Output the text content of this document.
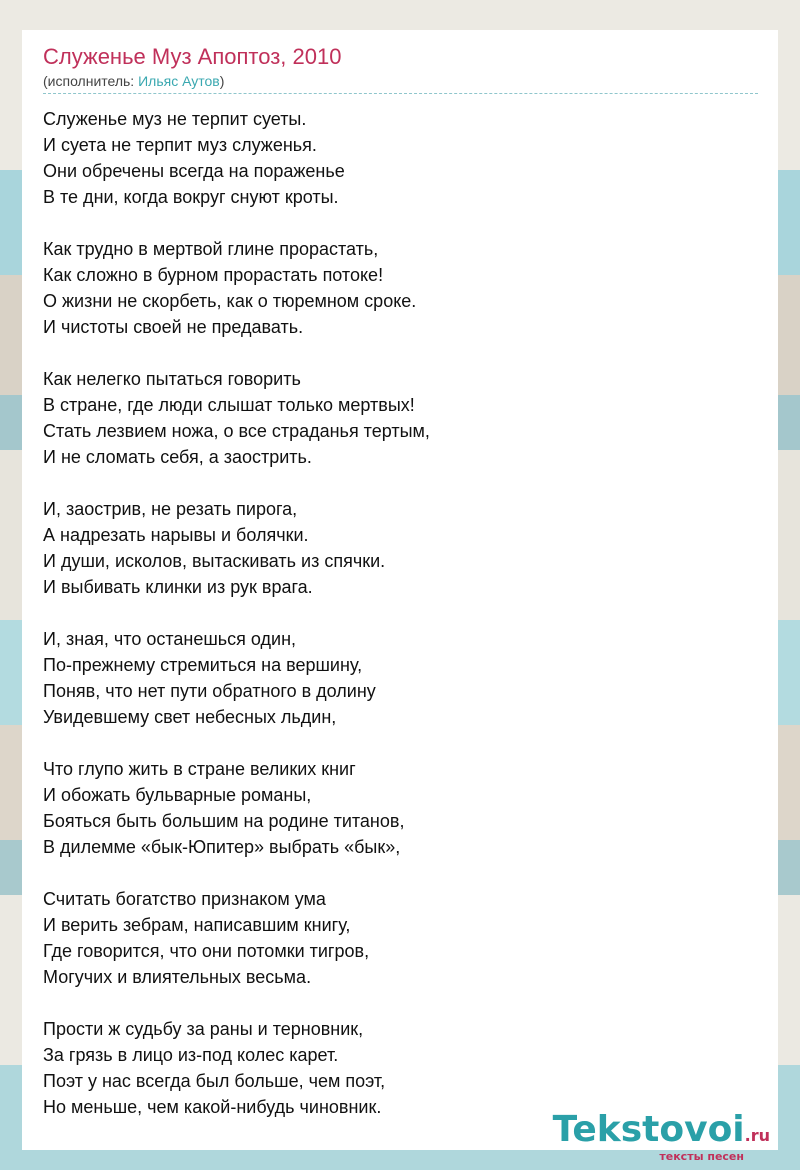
Служенье Муз Апоптоз, 2010
(исполнитель: Ильяс Аутов)
Служенье муз не терпит суеты.
И суета не терпит муз служенья.
Они обречены всегда на пораженье
В те дни, когда вокруг снуют кроты.
Как трудно в мертвой глине прорастать,
Как сложно в бурном прорастать потоке!
О жизни не скорбеть, как о тюремном сроке.
И чистоты своей не предавать.
Как нелегко пытаться говорить
В стране, где люди слышат только мертвых!
Стать лезвием ножа, о все страданья тертым,
И не сломать себя, а заострить.
И, заострив, не резать пирога,
А надрезать нарывы и болячки.
И души, исколов, вытаскивать из спячки.
И выбивать клинки из рук врага.
И, зная, что останешься один,
По-прежнему стремиться на вершину,
Поняв, что нет пути обратного в долину
Увидевшему свет небесных льдин,
Что глупо жить в стране великих книг
И обожать бульварные романы,
Бояться быть большим на родине титанов,
В дилемме «бык-Юпитер» выбрать «бык»,
Считать богатство признаком ума
И верить зебрам, написавшим книгу,
Где говорится, что они потомки тигров,
Могучих и влиятельных весьма.
Прости ж судьбу за раны и терновник,
За грязь в лицо из-под колес карет.
Поэт у нас всегда был больше, чем поэт,
Но меньше, чем какой-нибудь чиновник.
Tekstovoi.ru
тексты песен
